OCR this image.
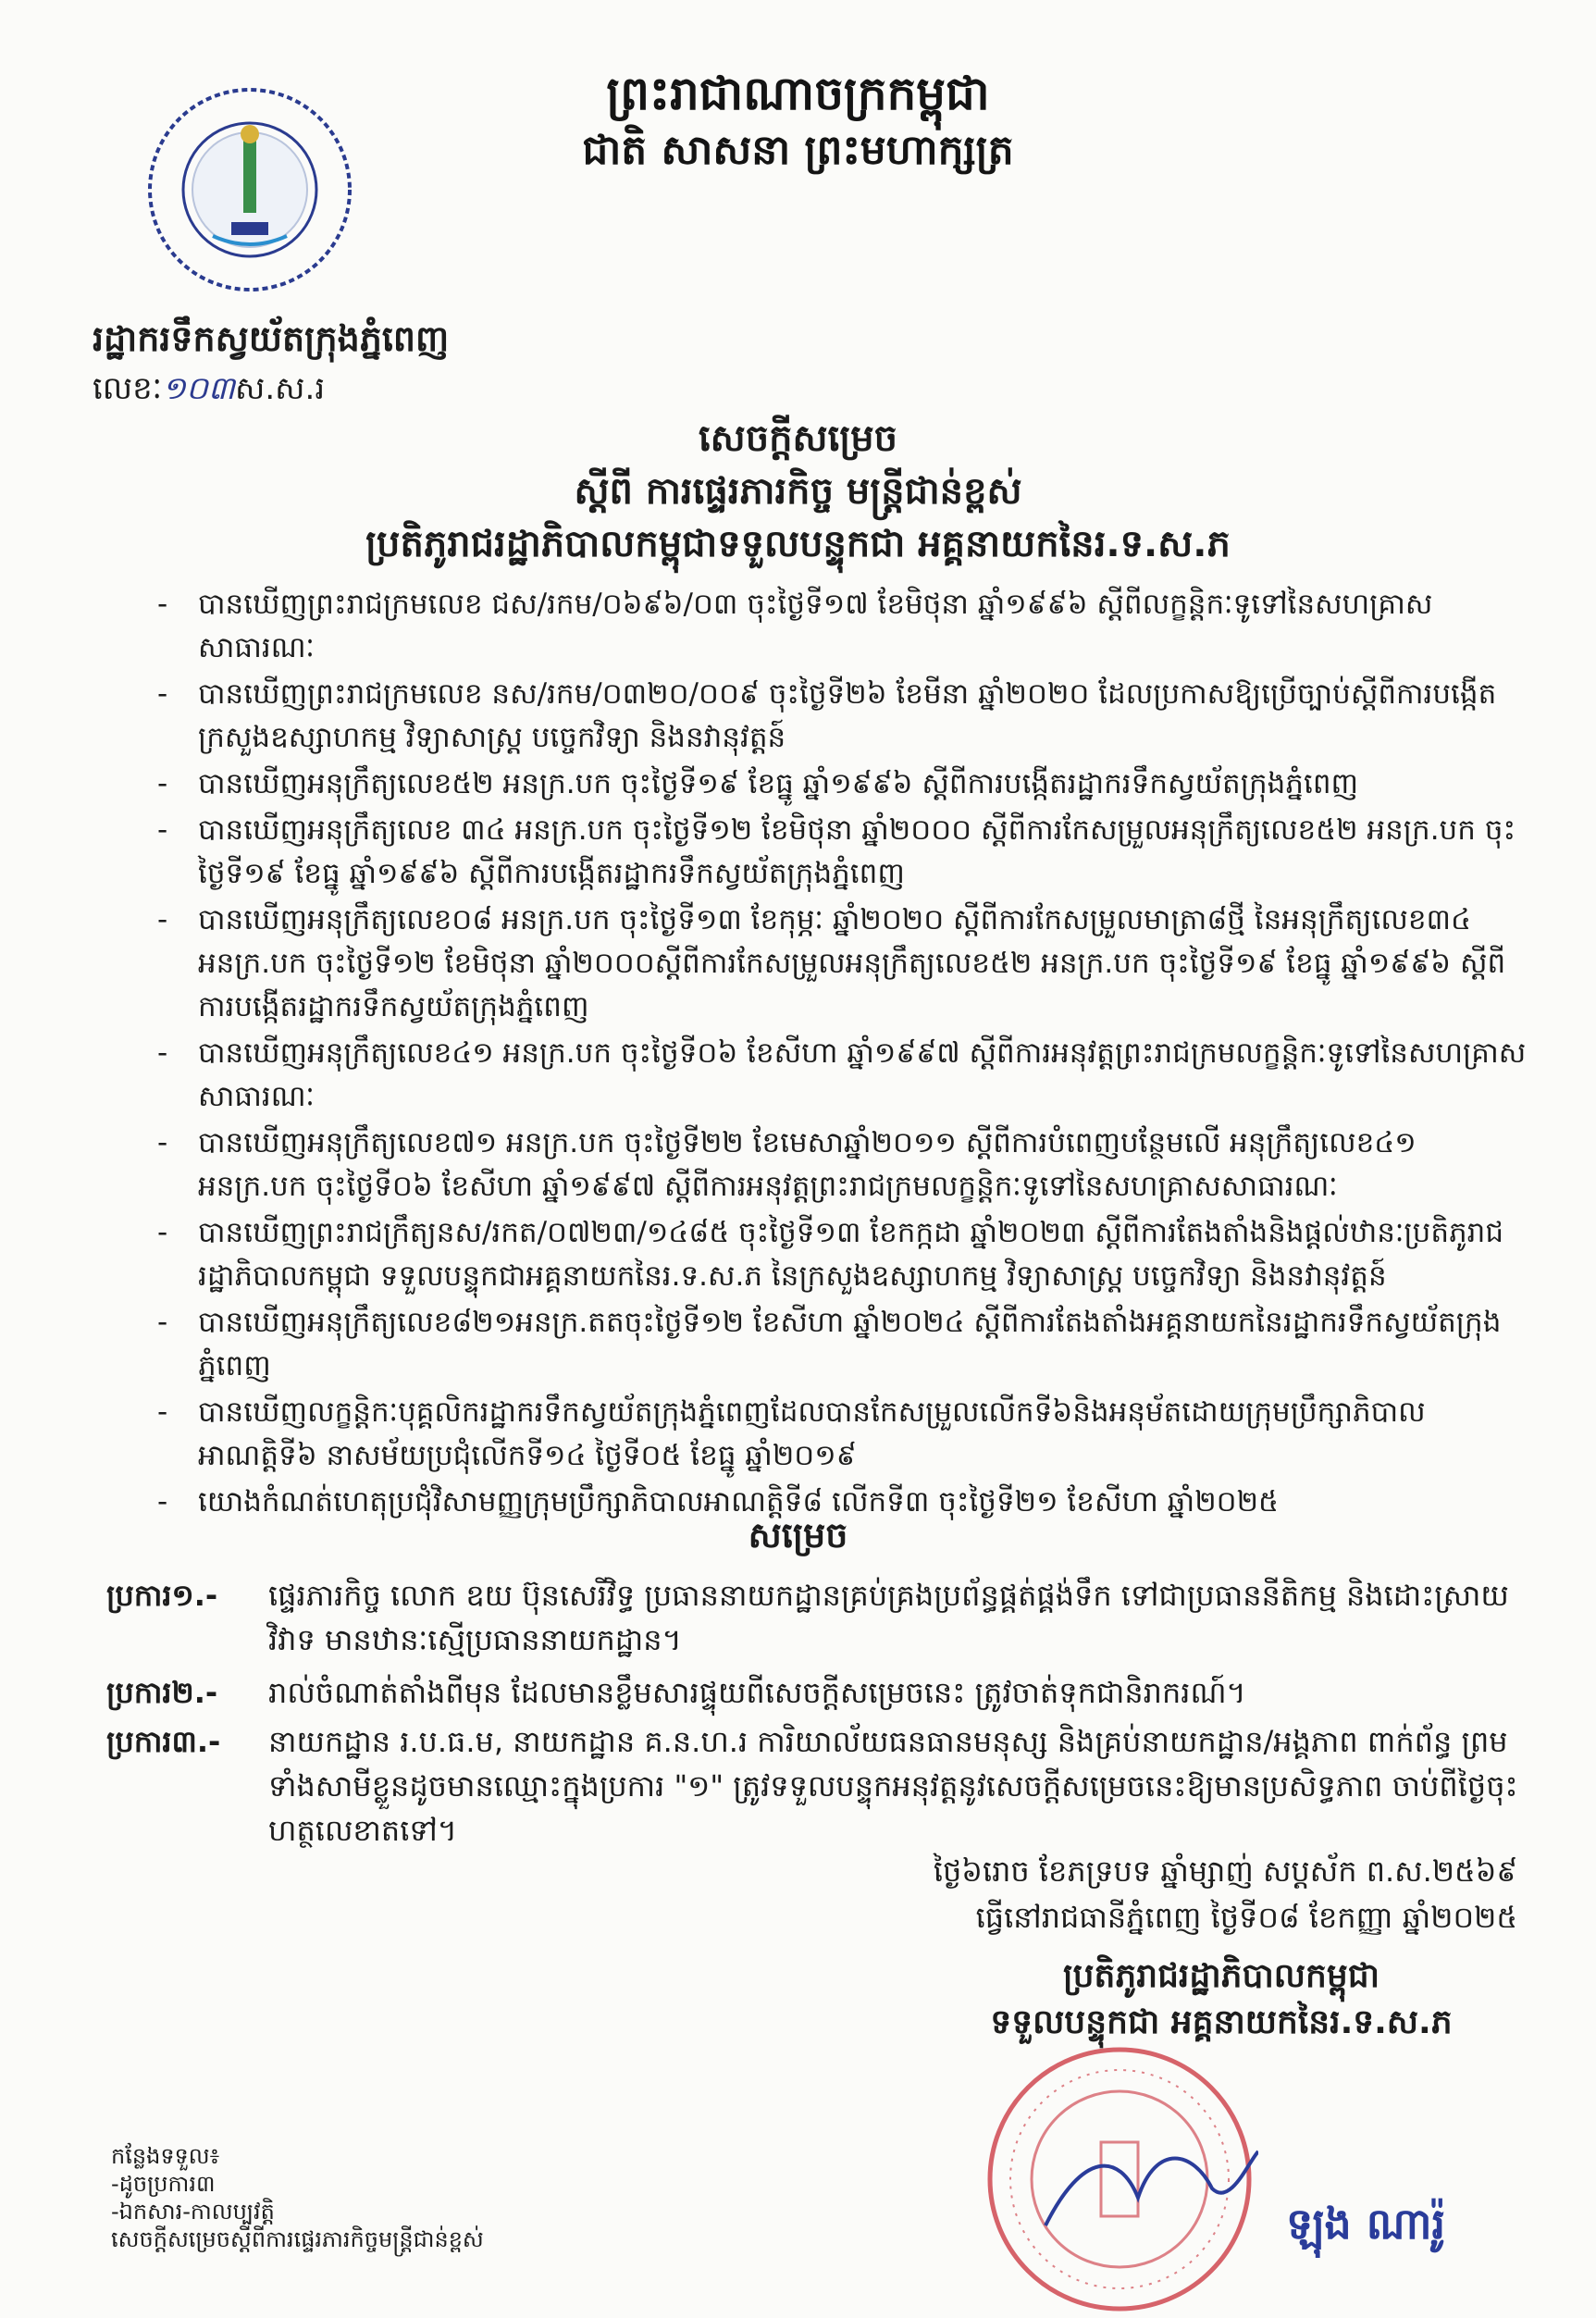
ព្រះរាជាណាចក្រកម្ពុជា
ជាតិ សាសនា ព្រះមហាក្សត្រ
រដ្ឋាករទឹកស្វយ័តក្រុងភ្នំពេញ
លេខៈ១០៣ស.ស.រ
សេចក្តីសម្រេច
ស្តីពី ការផ្ទេរភារកិច្ច មន្ត្រីជាន់ខ្ពស់
ប្រតិភូរាជរដ្ឋាភិបាលកម្ពុជាទទួលបន្ទុកជា អគ្គនាយកនៃរ.ទ.ស.ភ
- បានឃើញព្រះរាជក្រមលេខ ជស/រកម/០៦៩៦/០៣ ចុះថ្ងៃទី១៧ ខែមិថុនា ឆ្នាំ១៩៩៦ ស្តីពីលក្ខន្តិកៈទូទៅនៃសហគ្រាសសាធារណៈ
- បានឃើញព្រះរាជក្រមលេខ នស/រកម/០៣២០/០០៩ ចុះថ្ងៃទី២៦ ខែមីនា ឆ្នាំ២០២០ ដែលប្រកាសឱ្យប្រើច្បាប់ស្តីពីការបង្កើតក្រសួងឧស្សាហកម្ម វិទ្យាសាស្ត្រ បច្ចេកវិទ្យា និងនវានុវត្តន៍
- បានឃើញអនុក្រឹត្យលេខ៥២ អនក្រ.បក ចុះថ្ងៃទី១៩ ខែធ្នូ ឆ្នាំ១៩៩៦ ស្តីពីការបង្កើតរដ្ឋាករទឹកស្វយ័តក្រុងភ្នំពេញ
- បានឃើញអនុក្រឹត្យលេខ ៣៤ អនក្រ.បក ចុះថ្ងៃទី១២ ខែមិថុនា ឆ្នាំ២០០០ ស្តីពីការកែសម្រួលអនុក្រឹត្យលេខ៥២ អនក្រ.បក ចុះថ្ងៃទី១៩ ខែធ្នូ ឆ្នាំ១៩៩៦ ស្តីពីការបង្កើតរដ្ឋាករទឹកស្វយ័តក្រុងភ្នំពេញ
- បានឃើញអនុក្រឹត្យលេខ០៨ អនក្រ.បក ចុះថ្ងៃទី១៣ ខែកុម្ភៈ ឆ្នាំ២០២០ ស្តីពីការកែសម្រួលមាត្រា៨ថ្មី នៃអនុក្រឹត្យលេខ៣៤ អនក្រ.បក ចុះថ្ងៃទី១២ ខែមិថុនា ឆ្នាំ២០០០ស្តីពីការកែសម្រួលអនុក្រឹត្យលេខ៥២ អនក្រ.បក ចុះថ្ងៃទី១៩ ខែធ្នូ ឆ្នាំ១៩៩៦ ស្តីពីការបង្កើតរដ្ឋាករទឹកស្វយ័តក្រុងភ្នំពេញ
- បានឃើញអនុក្រឹត្យលេខ៤១ អនក្រ.បក ចុះថ្ងៃទី០៦ ខែសីហា ឆ្នាំ១៩៩៧ ស្តីពីការអនុវត្តព្រះរាជក្រមលក្ខន្តិកៈទូទៅនៃសហគ្រាសសាធារណៈ
- បានឃើញអនុក្រឹត្យលេខ៧១ អនក្រ.បក ចុះថ្ងៃទី២២ ខែមេសាឆ្នាំ២០១១ ស្តីពីការបំពេញបន្ថែមលើ អនុក្រឹត្យលេខ៤១ អនក្រ.បក ចុះថ្ងៃទី០៦ ខែសីហា ឆ្នាំ១៩៩៧ ស្តីពីការអនុវត្តព្រះរាជក្រមលក្ខន្តិកៈទូទៅនៃសហគ្រាសសាធារណៈ
- បានឃើញព្រះរាជក្រឹត្យនស/រកត/០៧២៣/១៤៨៥ ចុះថ្ងៃទី១៣ ខែកក្កដា ឆ្នាំ២០២៣ ស្តីពីការតែងតាំងនិងផ្តល់ឋានៈប្រតិភូរាជរដ្ឋាភិបាលកម្ពុជា ទទួលបន្ទុកជាអគ្គនាយកនៃរ.ទ.ស.ភ នៃក្រសួងឧស្សាហកម្ម វិទ្យាសាស្ត្រ បច្ចេកវិទ្យា និងនវានុវត្តន៍
- បានឃើញអនុក្រឹត្យលេខ៨២១អនក្រ.តតចុះថ្ងៃទី១២ ខែសីហា ឆ្នាំ២០២៤ ស្តីពីការតែងតាំងអគ្គនាយកនៃរដ្ឋាករទឹកស្វយ័តក្រុងភ្នំពេញ
- បានឃើញលក្ខន្តិកៈបុគ្គលិករដ្ឋាករទឹកស្វយ័តក្រុងភ្នំពេញដែលបានកែសម្រួលលើកទី៦និងអនុម័តដោយក្រុមប្រឹក្សាភិបាលអាណត្តិទី៦ នាសម័យប្រជុំលើកទី១៤ ថ្ងៃទី០៥ ខែធ្នូ ឆ្នាំ២០១៩
- យោងកំណត់ហេតុប្រជុំវិសាមញ្ញក្រុមប្រឹក្សាភិបាលអាណត្តិទី៨ លើកទី៣ ចុះថ្ងៃទី២១ ខែសីហា ឆ្នាំ២០២៥
សម្រេច
ប្រការ១.-	ផ្ទេរភារកិច្ច លោក ឧយ ប៊ុនសេរីវិទ្ធ ប្រធាននាយកដ្ឋានគ្រប់គ្រងប្រព័ន្ធផ្គត់ផ្គង់ទឹក ទៅជាប្រធាននីតិកម្ម និងដោះស្រាយវិវាទ មានឋានៈស្មើប្រធាននាយកដ្ឋាន។
ប្រការ២.-	រាល់ចំណាត់តាំងពីមុន ដែលមានខ្លឹមសារផ្ទុយពីសេចក្តីសម្រេចនេះ ត្រូវចាត់ទុកជានិរាករណ៍។
ប្រការ៣.-	នាយកដ្ឋាន រ.ប.ធ.ម, នាយកដ្ឋាន គ.ន.ហ.រ ការិយាល័យធនធានមនុស្ស និងគ្រប់នាយកដ្ឋាន/អង្គភាព ពាក់ព័ន្ធ ព្រមទាំងសាមីខ្លួនដូចមានឈ្មោះក្នុងប្រការ "១" ត្រូវទទួលបន្ទុកអនុវត្តនូវសេចក្តីសម្រេចនេះឱ្យមានប្រសិទ្ធភាព ចាប់ពីថ្ងៃចុះហត្ថលេខាតទៅ។
ថ្ងៃ៦រោច ខែភទ្របទ ឆ្នាំម្សាញ់ សប្តស័ក ព.ស.២៥៦៩
ធ្វើនៅរាជធានីភ្នំពេញ ថ្ងៃទី០៨ ខែកញ្ញា ឆ្នាំ២០២៥
ប្រតិភូរាជរដ្ឋាភិបាលកម្ពុជា
ទទួលបន្ទុកជា អគ្គនាយកនៃរ.ទ.ស.ភ
ឡុង ណារ៉ូ
កន្លែងទទួល៖
-ដូចប្រការ៣
-ឯកសារ-កាលប្បវត្តិ
សេចក្តីសម្រេចស្តីពីការផ្ទេរភារកិច្ចមន្ត្រីជាន់ខ្ពស់
